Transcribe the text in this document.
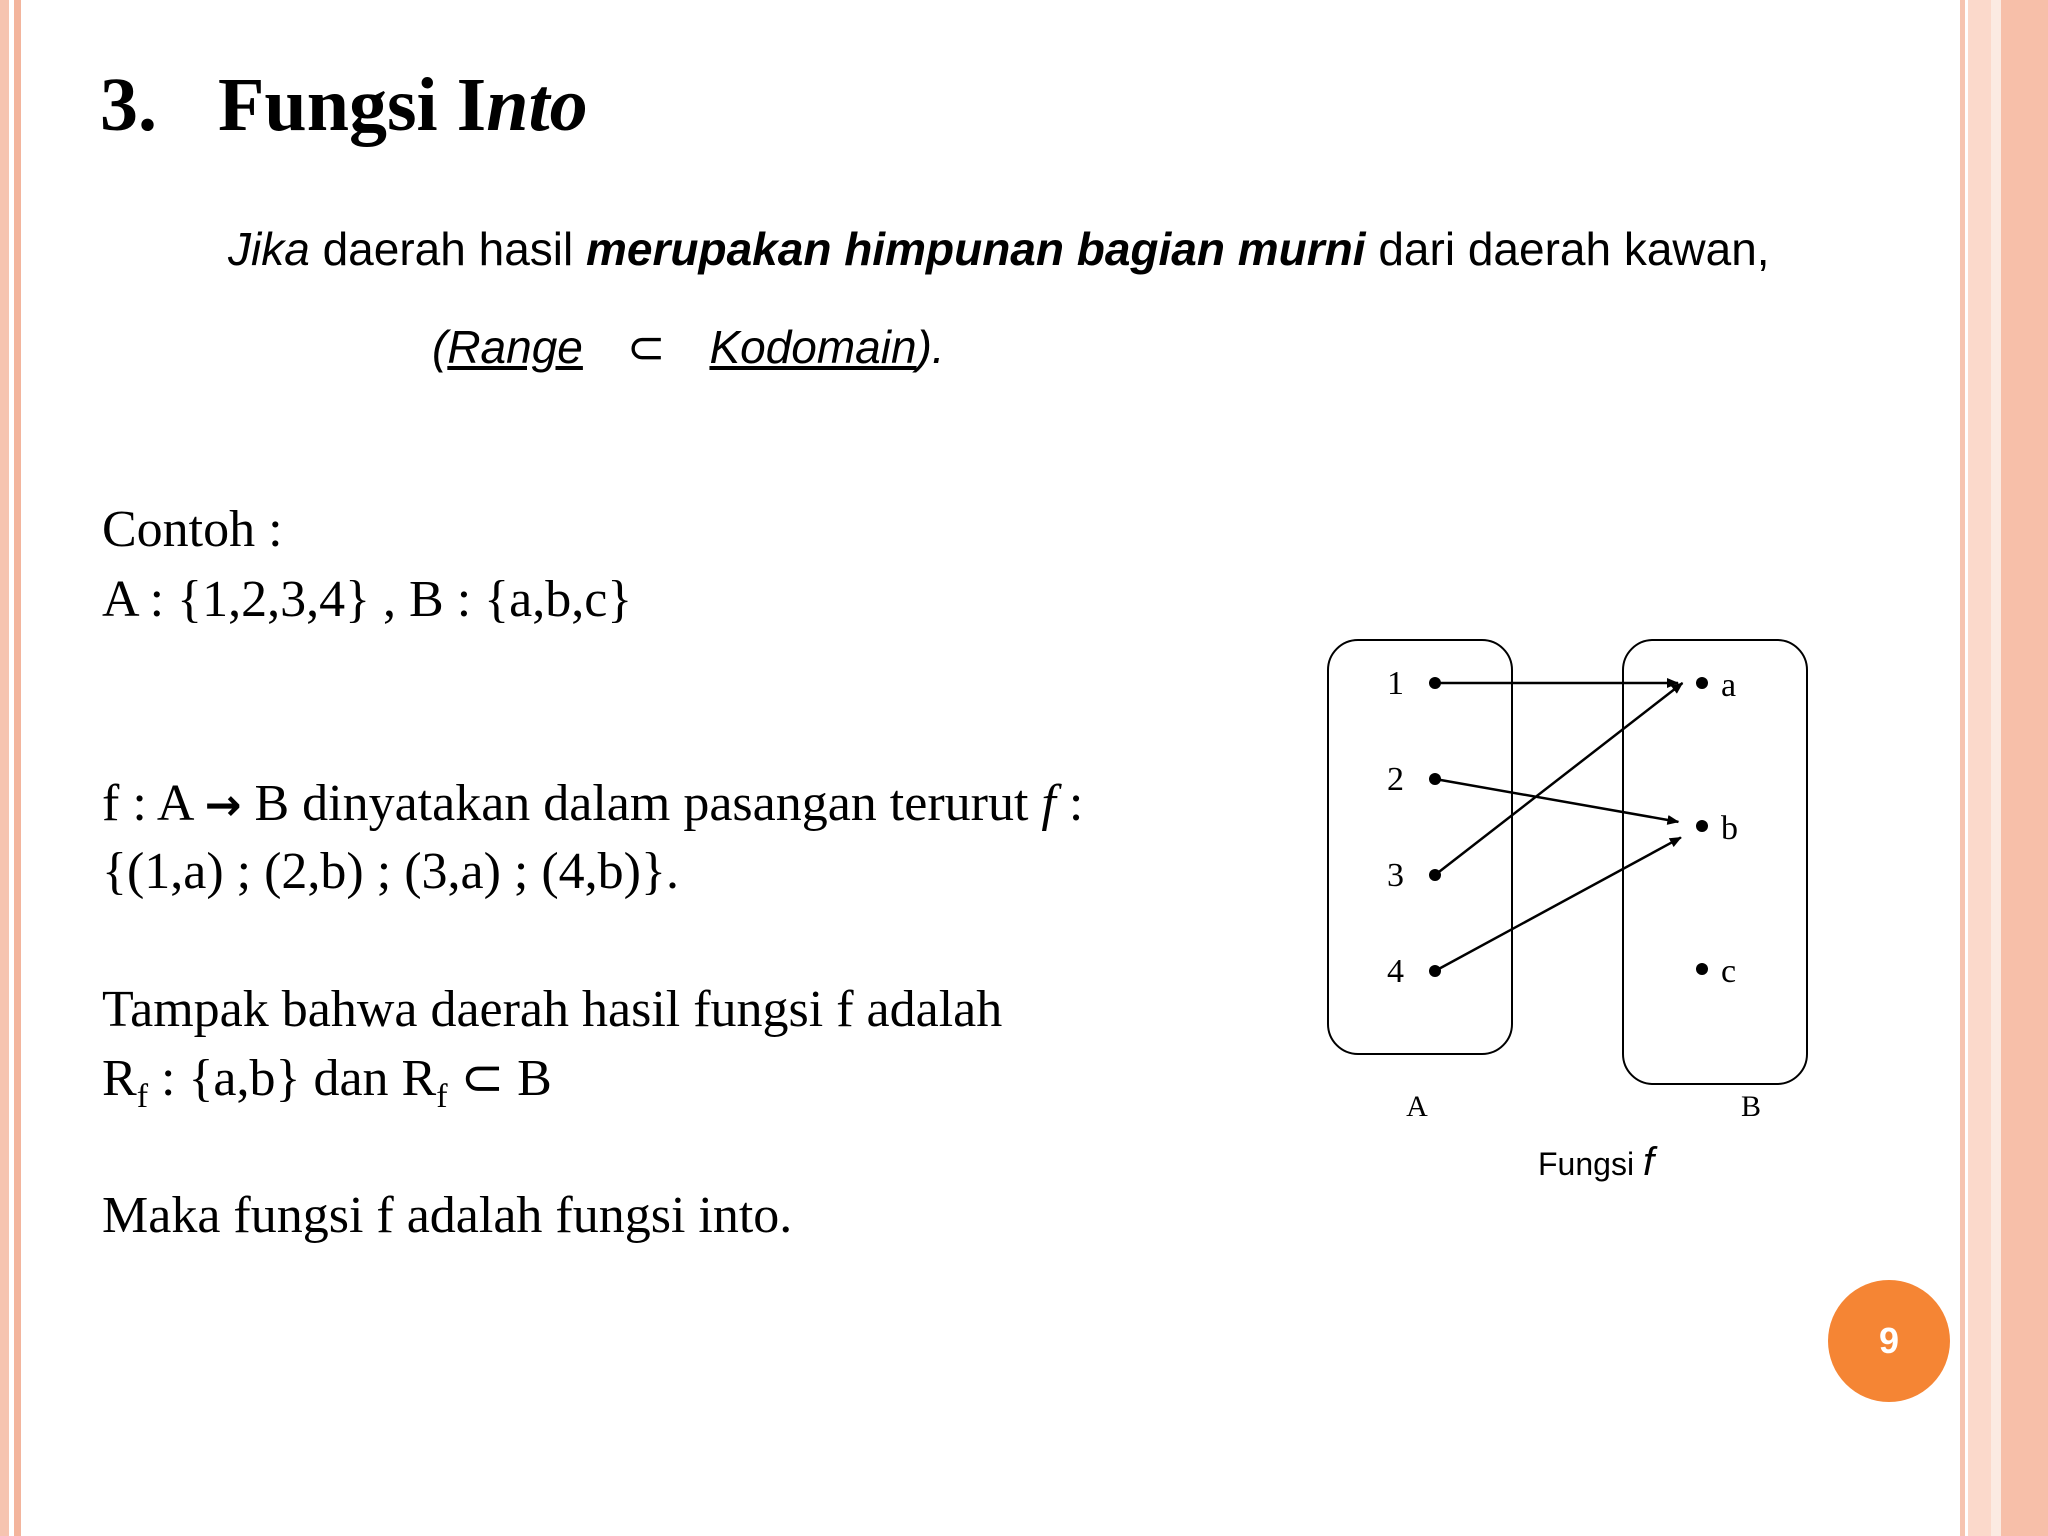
3. Fungsi Into
Jika daerah hasil merupakan himpunan bagian murni dari daerah kawan,
(Range ⊂ Kodomain).
Contoh :
A : {1,2,3,4} , B : {a,b,c}
f : A → B dinyatakan dalam pasangan terurut f :
{(1,a) ; (2,b) ; (3,a) ; (4,b)}.
Tampak bahwa daerah hasil fungsi f adalah
$R_f$ : {a,b} dan $R_f$ ⊂ B
Maka fungsi f adalah fungsi into.
1
2
3
4
a
b
c
A	B
Fungsi f
9
